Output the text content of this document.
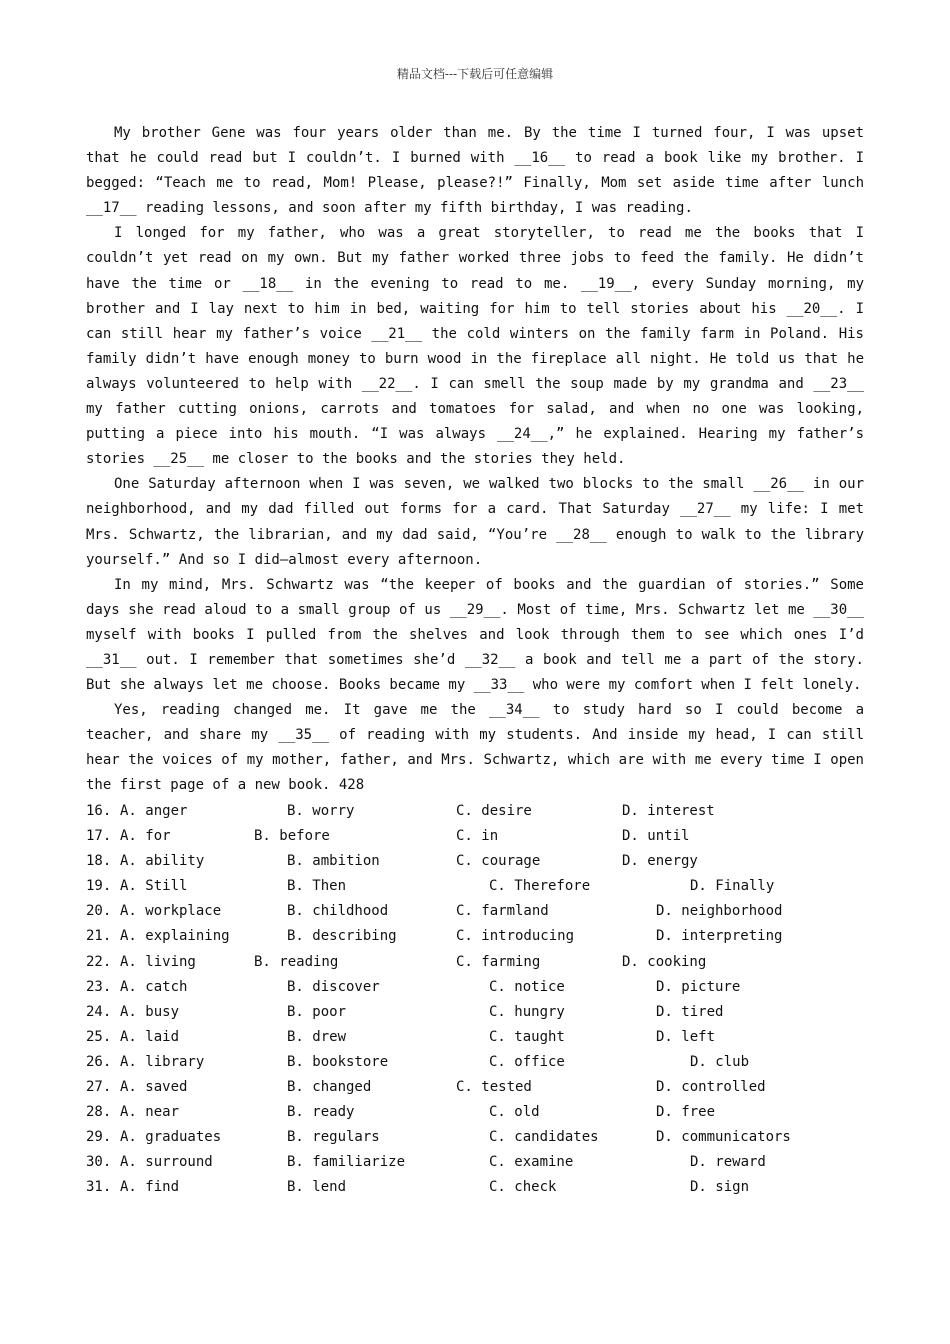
精品文档---下载后可任意编辑

My brother Gene was four years older than me. By the time I turned four, I was upset that he could read but I couldn’t. I burned with __16__ to read a book like my brother. I begged: “Teach me to read, Mom! Please, please?!” Finally, Mom set aside time after lunch __17__ reading lessons, and soon after my fifth birthday, I was reading.

I longed for my father, who was a great storyteller, to read me the books that I couldn’t yet read on my own. But my father worked three jobs to feed the family. He didn’t have the time or __18__ in the evening to read to me. __19__, every Sunday morning, my brother and I lay next to him in bed, waiting for him to tell stories about his __20__. I can still hear my father’s voice __21__ the cold winters on the family farm in Poland. His family didn’t have enough money to burn wood in the fireplace all night. He told us that he always volunteered to help with __22__. I can smell the soup made by my grandma and __23__ my father cutting onions, carrots and tomatoes for salad, and when no one was looking, putting a piece into his mouth. “I was always __24__,” he explained. Hearing my father’s stories __25__ me closer to the books and the stories they held.

One Saturday afternoon when I was seven, we walked two blocks to the small __26__ in our neighborhood, and my dad filled out forms for a card. That Saturday __27__ my life: I met Mrs. Schwartz, the librarian, and my dad said, “You’re __28__ enough to walk to the library yourself.” And so I did—almost every afternoon.

In my mind, Mrs. Schwartz was “the keeper of books and the guardian of stories.” Some days she read aloud to a small group of us __29__. Most of time, Mrs. Schwartz let me __30__ myself with books I pulled from the shelves and look through them to see which ones I’d __31__ out. I remember that sometimes she’d __32__ a book and tell me a part of the story. But she always let me choose. Books became my __33__ who were my comfort when I felt lonely.

Yes, reading changed me. It gave me the __34__ to study hard so I could become a teacher, and share my __35__ of reading with my students. And inside my head, I can still hear the voices of my mother, father, and Mrs. Schwartz, which are with me every time I open the first page of a new book. 428

16. A. anger	B. worry	C. desire	D. interest
17. A. for	B. before	C. in	D. until
18. A. ability	B. ambition	C. courage	D. energy
19. A. Still	B. Then	C. Therefore	D. Finally
20. A. workplace	B. childhood	C. farmland	D. neighborhood
21. A. explaining	B. describing	C. introducing	D. interpreting
22. A. living	B. reading	C. farming	D. cooking
23. A. catch	B. discover	C. notice	D. picture
24. A. busy	B. poor	C. hungry	D. tired
25. A. laid	B. drew	C. taught	D. left
26. A. library	B. bookstore	C. office	D. club
27. A. saved	B. changed	C. tested	D. controlled
28. A. near	B. ready	C. old	D. free
29. A. graduates	B. regulars	C. candidates	D. communicators
30. A. surround	B. familiarize	C. examine	D. reward
31. A. find	B. lend	C. check	D. sign
